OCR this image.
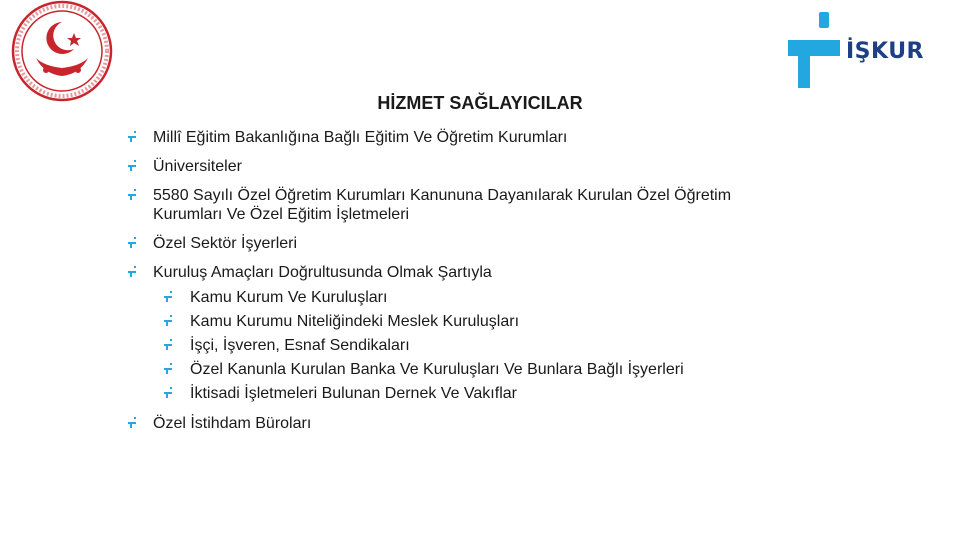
İŞKUR
HİZMET SAĞLAYICILAR
Millî Eğitim Bakanlığına Bağlı Eğitim Ve Öğretim Kurumları
Üniversiteler
5580 Sayılı Özel Öğretim Kurumları Kanununa Dayanılarak Kurulan Özel Öğretim
Kurumları Ve Özel Eğitim İşletmeleri
Özel Sektör İşyerleri
Kuruluş Amaçları Doğrultusunda Olmak Şartıyla
Kamu Kurum Ve Kuruluşları
Kamu Kurumu Niteliğindeki Meslek Kuruluşları
İşçi, İşveren, Esnaf Sendikaları
Özel Kanunla Kurulan Banka Ve Kuruluşları Ve Bunlara Bağlı İşyerleri
İktisadi İşletmeleri Bulunan Dernek Ve Vakıflar
Özel İstihdam Büroları
